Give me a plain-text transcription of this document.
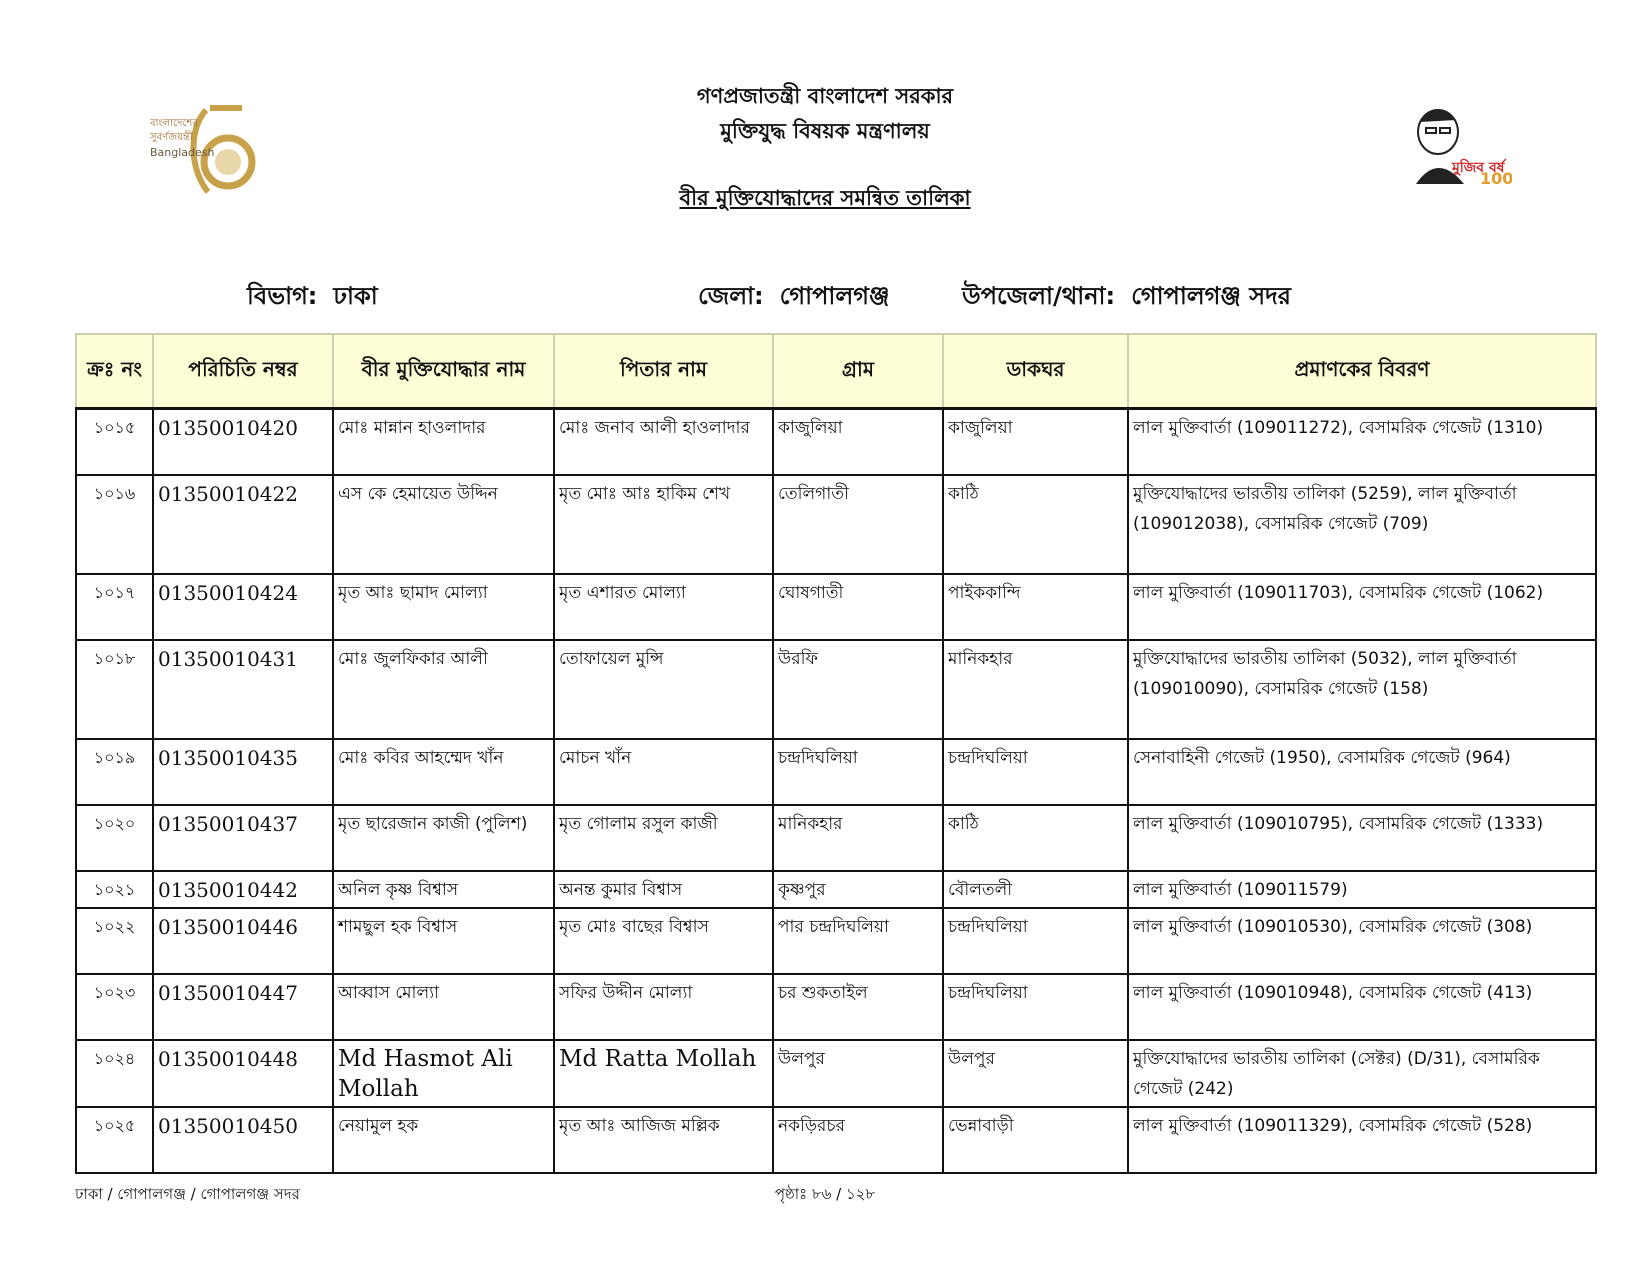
গণপ্রজাতন্ত্রী বাংলাদেশ সরকার
মুক্তিযুদ্ধ বিষয়ক মন্ত্রণালয়
বীর মুক্তিযোদ্ধাদের সমন্বিত তালিকা
বাংলাদেশের
সুবর্ণজয়ন্তী
Bangladesh
মুজিব বর্ষ
100
বিভাগ: ঢাকা	জেলা: গোপালগঞ্জ	উপজেলা/থানা: গোপালগঞ্জ সদর
ক্রঃ নং	পরিচিতি নম্বর	বীর মুক্তিযোদ্ধার নাম	পিতার নাম	গ্রাম	ডাকঘর	প্রমাণকের বিবরণ
১০১৫	01350010420	মোঃ মান্নান হাওলাদার	মোঃ জনাব আলী হাওলাদার	কাজুলিয়া	কাজুলিয়া	লাল মুক্তিবার্তা (109011272), বেসামরিক গেজেট (1310)
১০১৬	01350010422	এস কে হেমায়েত উদ্দিন	মৃত মোঃ আঃ হাকিম শেখ	তেলিগাতী	কাঠি	মুক্তিযোদ্ধাদের ভারতীয় তালিকা (5259), লাল মুক্তিবার্তা (109012038), বেসামরিক গেজেট (709)
১০১৭	01350010424	মৃত আঃ ছামাদ মোল্যা	মৃত এশারত মোল্যা	ঘোষগাতী	পাইককান্দি	লাল মুক্তিবার্তা (109011703), বেসামরিক গেজেট (1062)
১০১৮	01350010431	মোঃ জুলফিকার আলী	তোফায়েল মুন্সি	উরফি	মানিকহার	মুক্তিযোদ্ধাদের ভারতীয় তালিকা (5032), লাল মুক্তিবার্তা (109010090), বেসামরিক গেজেট (158)
১০১৯	01350010435	মোঃ কবির আহম্মেদ খাঁন	মোচন খাঁন	চন্দ্রদিঘলিয়া	চন্দ্রদিঘলিয়া	সেনাবাহিনী গেজেট (1950), বেসামরিক গেজেট (964)
১০২০	01350010437	মৃত ছারেজান কাজী (পুলিশ)	মৃত গোলাম রসুল কাজী	মানিকহার	কাঠি	লাল মুক্তিবার্তা (109010795), বেসামরিক গেজেট (1333)
১০২১	01350010442	অনিল কৃষ্ণ বিশ্বাস	অনন্ত কুমার বিশ্বাস	কৃষ্ণপুর	বৌলতলী	লাল মুক্তিবার্তা (109011579)
১০২২	01350010446	শামছুল হক বিশ্বাস	মৃত মোঃ বাছের বিশ্বাস	পার চন্দ্রদিঘলিয়া	চন্দ্রদিঘলিয়া	লাল মুক্তিবার্তা (109010530), বেসামরিক গেজেট (308)
১০২৩	01350010447	আব্বাস মোল্যা	সফির উদ্দীন মোল্যা	চর শুকতাইল	চন্দ্রদিঘলিয়া	লাল মুক্তিবার্তা (109010948), বেসামরিক গেজেট (413)
১০২৪	01350010448	Md Hasmot Ali Mollah	Md Ratta Mollah	উলপুর	উলপুর	মুক্তিযোদ্ধাদের ভারতীয় তালিকা (সেক্টর) (D/31), বেসামরিক গেজেট (242)
১০২৫	01350010450	নেয়ামুল হক	মৃত আঃ আজিজ মল্লিক	নকড়িরচর	ভেন্নাবাড়ী	লাল মুক্তিবার্তা (109011329), বেসামরিক গেজেট (528)
ঢাকা / গোপালগঞ্জ / গোপালগঞ্জ সদর	পৃষ্ঠাঃ ৮৬ / ১২৮
